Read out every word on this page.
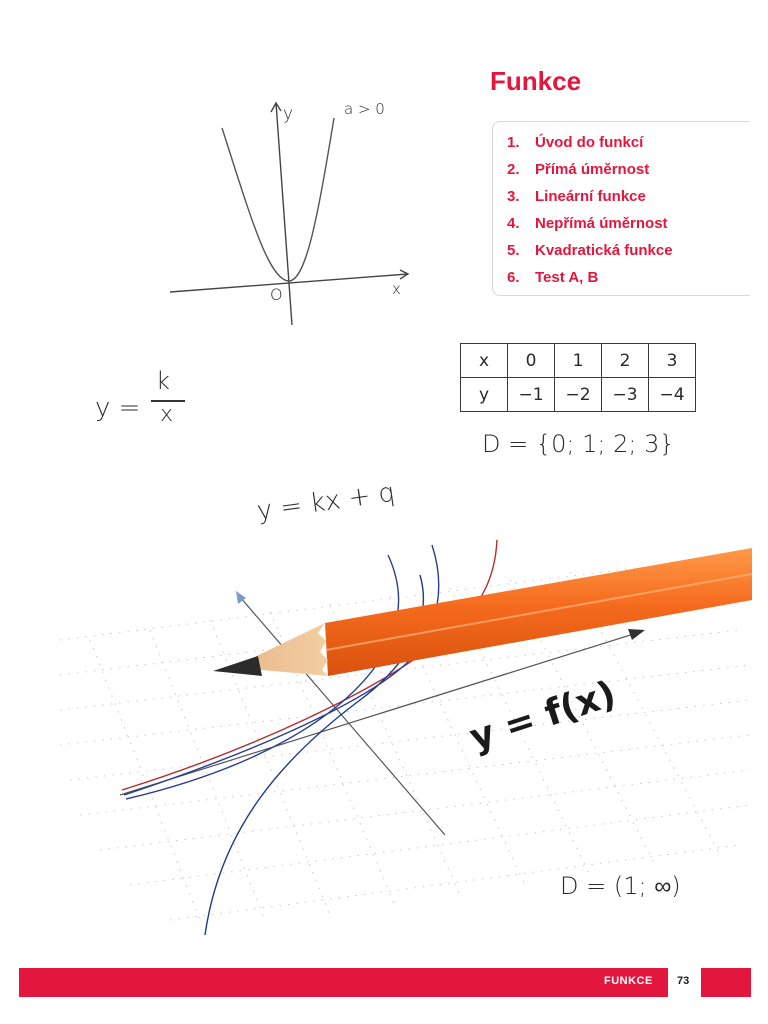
Funkce
1.	Úvod do funkcí
2.	Přímá úměrnost
3.	Lineární funkce
4.	Nepřímá úměrnost
5.	Kvadratická funkce
6.	Test A, B
a > 0
y
x
O
y =
k
x
x	0	1	2	3
y	−1	−2	−3	−4
D = {0; 1; 2; 3}
y = kx + q
y = f(x)
D = (1; ∞)
FUNKCE 73
